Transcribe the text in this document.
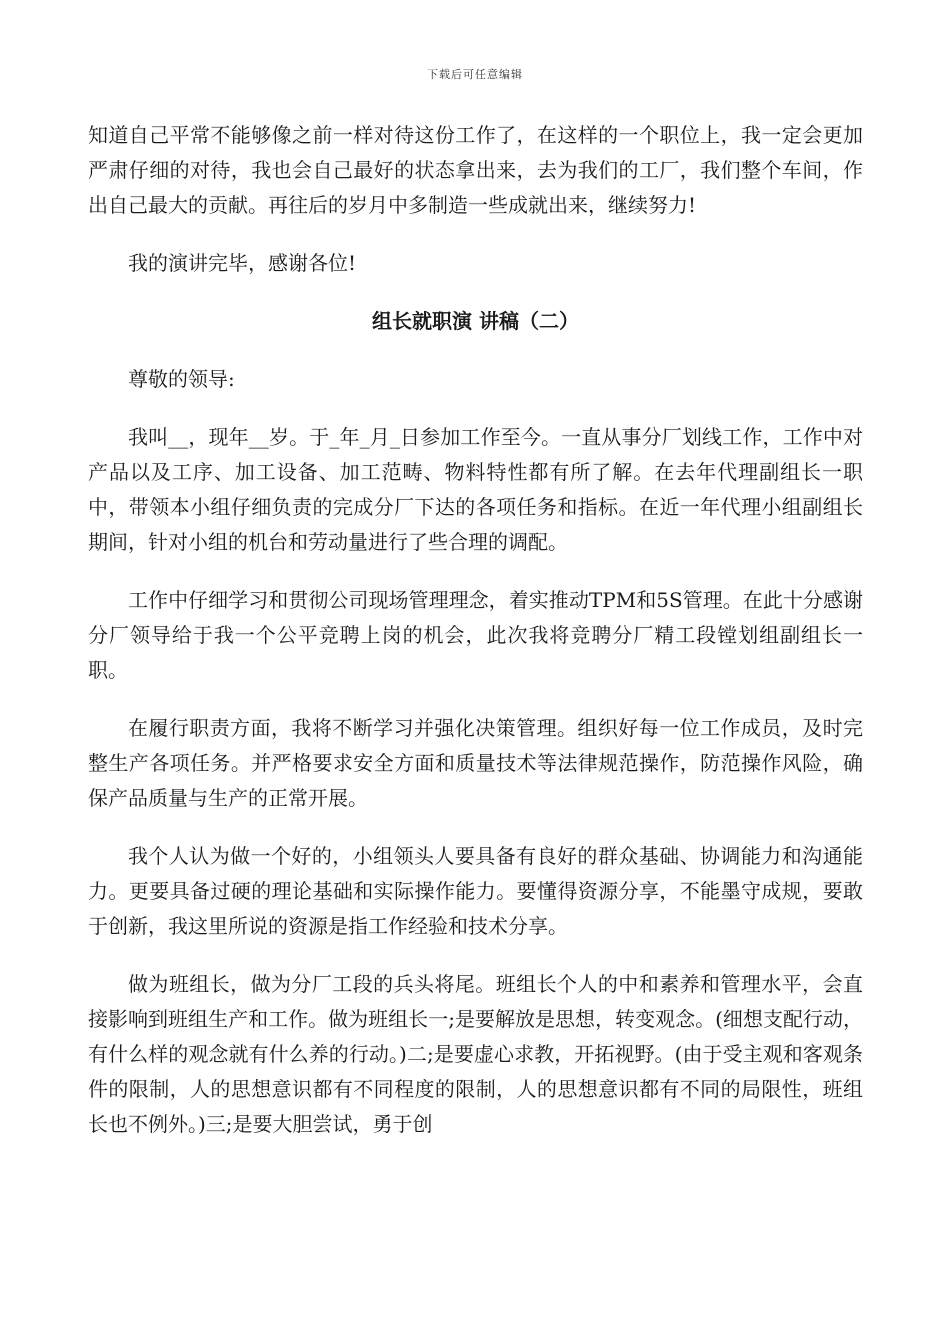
下载后可任意编辑

知道自己平常不能够像之前一样对待这份工作了，在这样的一个职位上，我一定会更加严肃仔细的对待，我也会自己最好的状态拿出来，去为我们的工厂，我们整个车间，作出自己最大的贡献。再往后的岁月中多制造一些成就出来，继续努力!

我的演讲完毕，感谢各位!

组长就职演 讲稿（二）

尊敬的领导:

我叫__，现年__岁。于_年_月_日参加工作至今。一直从事分厂划线工作，工作中对产品以及工序、加工设备、加工范畴、物料特性都有所了解。在去年代理副组长一职中，带领本小组仔细负责的完成分厂下达的各项任务和指标。在近一年代理小组副组长期间，针对小组的机台和劳动量进行了些合理的调配。

工作中仔细学习和贯彻公司现场管理理念，着实推动TPM和5S管理。在此十分感谢分厂领导给于我一个公平竞聘上岗的机会，此次我将竞聘分厂精工段镗划组副组长一职。

在履行职责方面，我将不断学习并强化决策管理。组织好每一位工作成员，及时完整生产各项任务。并严格要求安全方面和质量技术等法律规范操作，防范操作风险，确保产品质量与生产的正常开展。

我个人认为做一个好的，小组领头人要具备有良好的群众基础、协调能力和沟通能力。更要具备过硬的理论基础和实际操作能力。要懂得资源分享，不能墨守成规，要敢于创新，我这里所说的资源是指工作经验和技术分享。

做为班组长，做为分厂工段的兵头将尾。班组长个人的中和素养和管理水平，会直接影响到班组生产和工作。做为班组长一;是要解放是思想，转变观念。(细想支配行动，有什么样的观念就有什么养的行动。)二;是要虚心求教，开拓视野。(由于受主观和客观条件的限制，人的思想意识都有不同程度的限制，人的思想意识都有不同的局限性，班组长也不例外。)三;是要大胆尝试，勇于创
